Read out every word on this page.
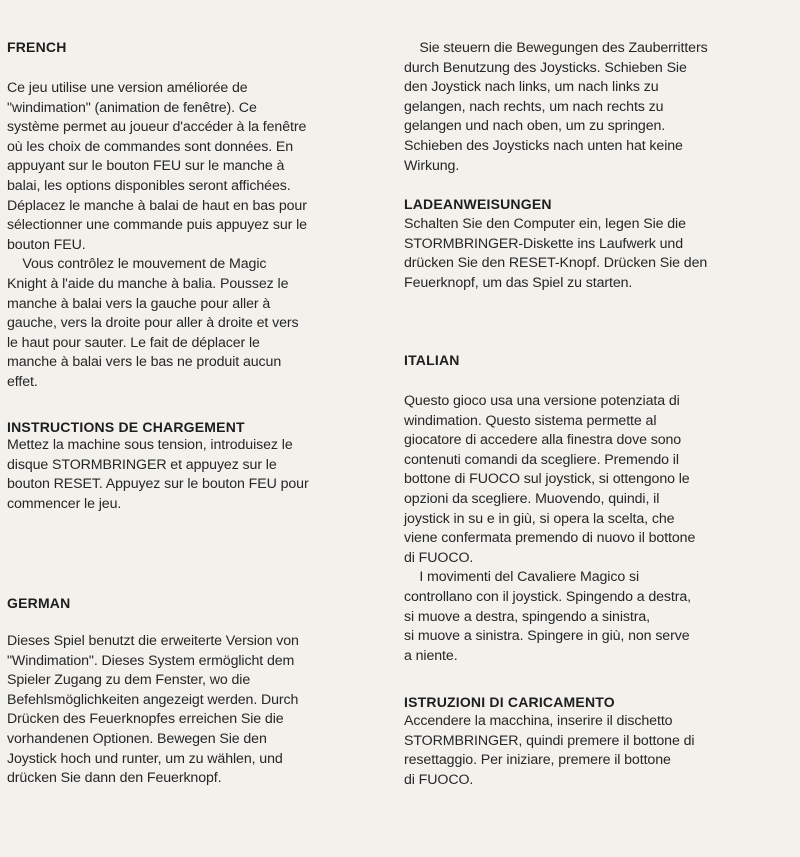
FRENCH

Ce jeu utilise une version améliorée de
"windimation" (animation de fenêtre). Ce
système permet au joueur d'accéder à la fenêtre
où les choix de commandes sont données. En
appuyant sur le bouton FEU sur le manche à
balai, les options disponibles seront affichées.
Déplacez le manche à balai de haut en bas pour
sélectionner une commande puis appuyez sur le
bouton FEU.
Vous contrôlez le mouvement de Magic
Knight à l'aide du manche à balia. Poussez le
manche à balai vers la gauche pour aller à
gauche, vers la droite pour aller à droite et vers
le haut pour sauter. Le fait de déplacer le
manche à balai vers le bas ne produit aucun
effet.

INSTRUCTIONS DE CHARGEMENT

Mettez la machine sous tension, introduisez le
disque STORMBRINGER et appuyez sur le
bouton RESET. Appuyez sur le bouton FEU pour
commencer le jeu.

GERMAN

Dieses Spiel benutzt die erweiterte Version von
"Windimation". Dieses System ermöglicht dem
Spieler Zugang zu dem Fenster, wo die
Befehlsmöglichkeiten angezeigt werden. Durch
Drücken des Feuerknopfes erreichen Sie die
vorhandenen Optionen. Bewegen Sie den
Joystick hoch und runter, um zu wählen, und
drücken Sie dann den Feuerknopf.

Sie steuern die Bewegungen des Zauberritters
durch Benutzung des Joysticks. Schieben Sie
den Joystick nach links, um nach links zu
gelangen, nach rechts, um nach rechts zu
gelangen und nach oben, um zu springen.
Schieben des Joysticks nach unten hat keine
Wirkung.

LADEANWEISUNGEN

Schalten Sie den Computer ein, legen Sie die
STORMBRINGER-Diskette ins Laufwerk und
drücken Sie den RESET-Knopf. Drücken Sie den
Feuerknopf, um das Spiel zu starten.

ITALIAN

Questo gioco usa una versione potenziata di
windimation. Questo sistema permette al
giocatore di accedere alla finestra dove sono
contenuti comandi da scegliere. Premendo il
bottone di FUOCO sul joystick, si ottengono le
opzioni da scegliere. Muovendo, quindi, il
joystick in su e in giù, si opera la scelta, che
viene confermata premendo di nuovo il bottone
di FUOCO.
I movimenti del Cavaliere Magico si
controllano con il joystick. Spingendo a destra,
si muove a destra, spingendo a sinistra,
si muove a sinistra. Spingere in giù, non serve
a niente.

ISTRUZIONI DI CARICAMENTO

Accendere la macchina, inserire il dischetto
STORMBRINGER, quindi premere il bottone di
resettaggio. Per iniziare, premere il bottone
di FUOCO.
